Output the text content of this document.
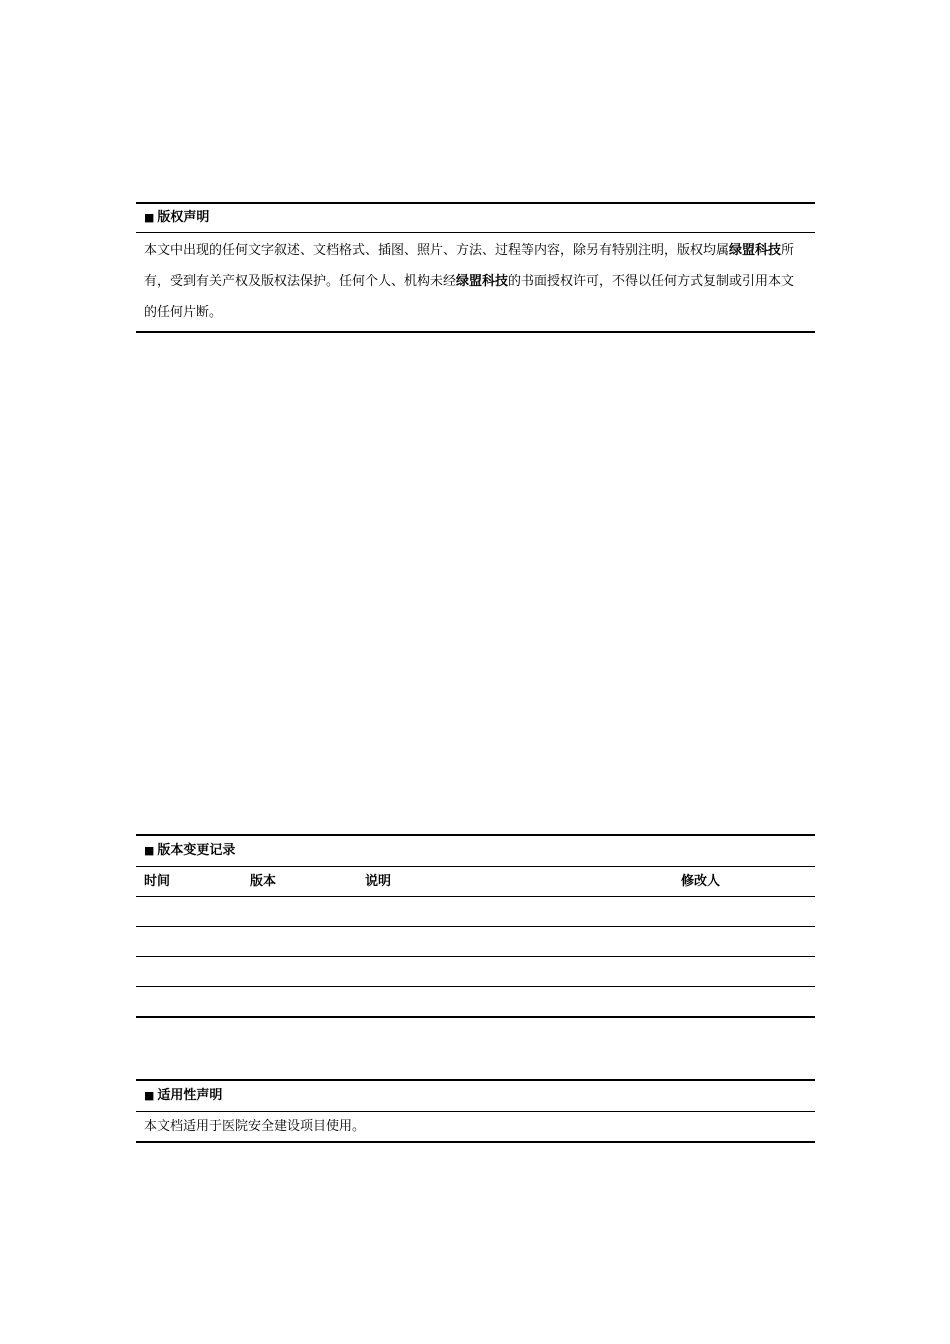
■ 版权声明
本文中出现的任何文字叙述、文档格式、插图、照片、方法、过程等内容，除另有特别注明，版权均属绿盟科技所有，受到有关产权及版权法保护。任何个人、机构未经绿盟科技的书面授权许可，不得以任何方式复制或引用本文的任何片断。
■ 版本变更记录
时间	版本	说明	修改人
■ 适用性声明
本文档适用于医院安全建设项目使用。
